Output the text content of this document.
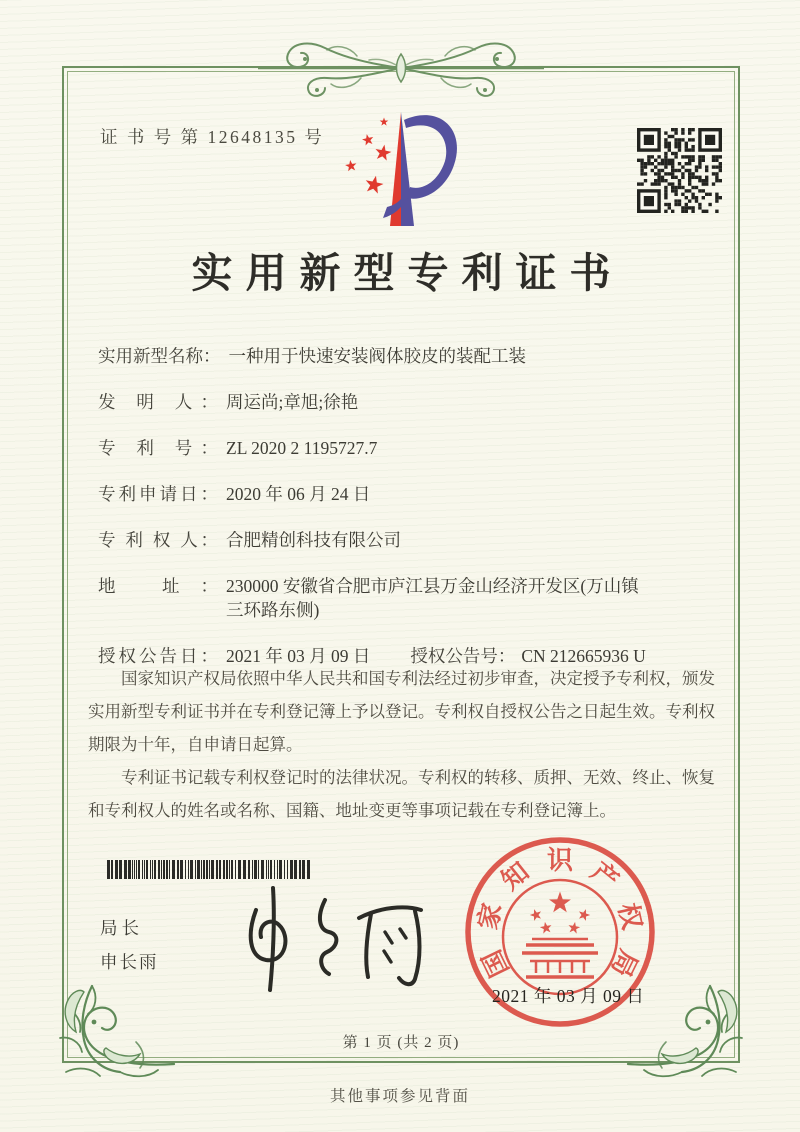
证 书 号 第 12648135 号
实用新型专利证书
实用新型名称： 一种用于快速安装阀体胶皮的装配工装
发 明 人： 周运尚;章旭;徐艳
专 利 号： ZL 2020 2 1195727.7
专利申请日： 2020 年 06 月 24 日
专 利 权 人： 合肥精创科技有限公司
地 址： 230000 安徽省合肥市庐江县万金山经济开发区(万山镇三环路东侧)
授权公告日： 2021 年 03 月 09 日 授权公告号： CN 212665936 U

国家知识产权局依照中华人民共和国专利法经过初步审查，决定授予专利权，颁发实用新型专利证书并在专利登记簿上予以登记。专利权自授权公告之日起生效。专利权期限为十年，自申请日起算。

专利证书记载专利权登记时的法律状况。专利权的转移、质押、无效、终止、恢复和专利权人的姓名或名称、国籍、地址变更等事项记载在专利登记簿上。

局长
申长雨	国
家
知 识 产
权
局
2021 年 03 月 09 日
第 1 页 (共 2 页)
其他事项参见背面
